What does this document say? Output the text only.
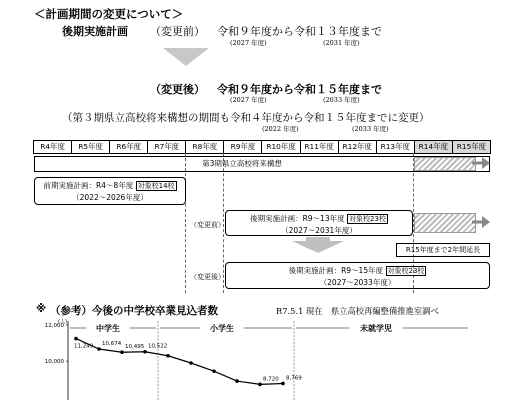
＜計画期間の変更について＞
後期実施計画 （変更前） 令和９年度から令和１３年度まで
(2027 年度)	(2031 年度)
（変更後） 令和９年度から令和１５年度まで
(2027 年度)	(2033 年度)
（第３期県立高校将来構想の期間も令和４年度から令和１５年度までに変更）
(2022 年度)	(2033 年度)
R4年度	R5年度	R6年度	R7年度	R8年度	R9年度	R10年度	R11年度	R12年度	R13年度	R14年度	R15年度
第3期県立高校将来構想
前期実施計画：R4～8年度 対象校14校
（2022～2026年度）
（変更前）
後期実施計画：R9～13年度 対象校23校
（2027～2031年度）
R15年度まで2年間延長
（変更後）
後期実施計画：R9～15年度 対象校23校
（2027～2033年度）
※ （参考）今後の中学校卒業見込者数	R7.5.1 現在　県立高校再編整備推進室調べ
(人)
12,000
10,000
中学生	小学生	未就学児
11,249 10,674
10,495 10,522
8,720 8,769
